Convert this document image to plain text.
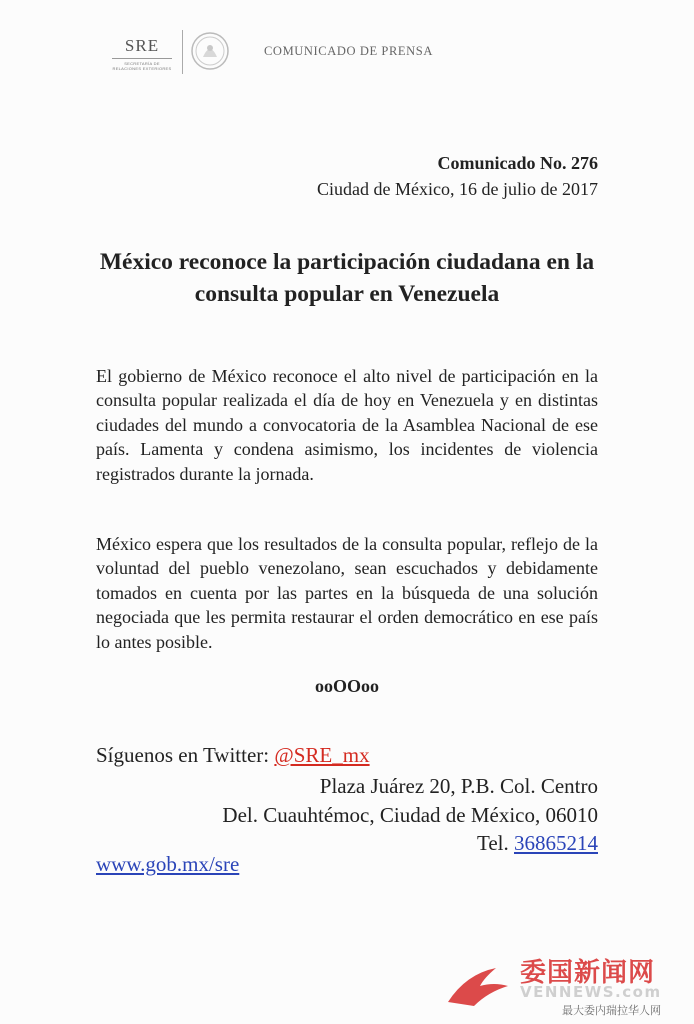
SRE
SECRETARÍA DE
RELACIONES EXTERIORES
COMUNICADO DE PRENSA
Comunicado No. 276
Ciudad de México, 16 de julio de 2017
México reconoce la participación ciudadana en la consulta popular en Venezuela

El gobierno de México reconoce el alto nivel de participación en la consulta popular realizada el día de hoy en Venezuela y en distintas ciudades del mundo a convocatoria de la Asamblea Nacional de ese país. Lamenta y condena asimismo, los incidentes de violencia registrados durante la jornada.

México espera que los resultados de la consulta popular, reflejo de la voluntad del pueblo venezolano, sean escuchados y debidamente tomados en cuenta por las partes en la búsqueda de una solución negociada que les permita restaurar el orden democrático en ese país lo antes posible.

ooOOoo
Síguenos en Twitter: @SRE_mx
Plaza Juárez 20, P.B. Col. Centro
Del. Cuauhtémoc, Ciudad de México, 06010
Tel. 36865214
www.gob.mx/sre
委国新闻网
VENNEWS.com
最大委内瑞拉华人网
